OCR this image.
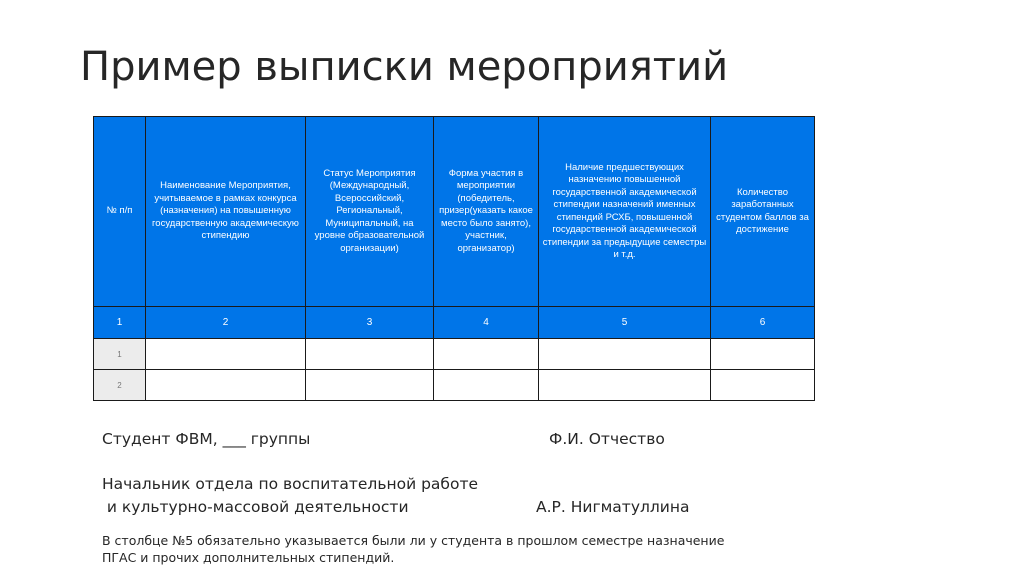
Пример выписки мероприятий
№ п/п	Наименование Мероприятия, учитываемое в рамках конкурса (назначения) на повышенную государственную академическую стипендию	Статус Мероприятия (Международный, Всероссийский, Региональный, Муниципальный, на уровне образовательной организации)	Форма участия в мероприятии (победитель, призер(указать какое место было занято), участник, организатор)	Наличие предшествующих назначению повышенной государственной академической стипендии назначений именных стипендий РСХБ, повышенной государственной академической стипендии за предыдущие семестры и т.д.	Количество заработанных студентом баллов за достижение
1	2	3	4	5	6
1					
2					
Студент ФВМ, ___ группы	Ф.И. Отчество
Начальник отдела по воспитательной работе
и культурно-массовой деятельности	А.Р. Нигматуллина
В столбце №5 обязательно указывается были ли у студента в прошлом семестре назначение ПГАС и прочих дополнительных стипендий.
